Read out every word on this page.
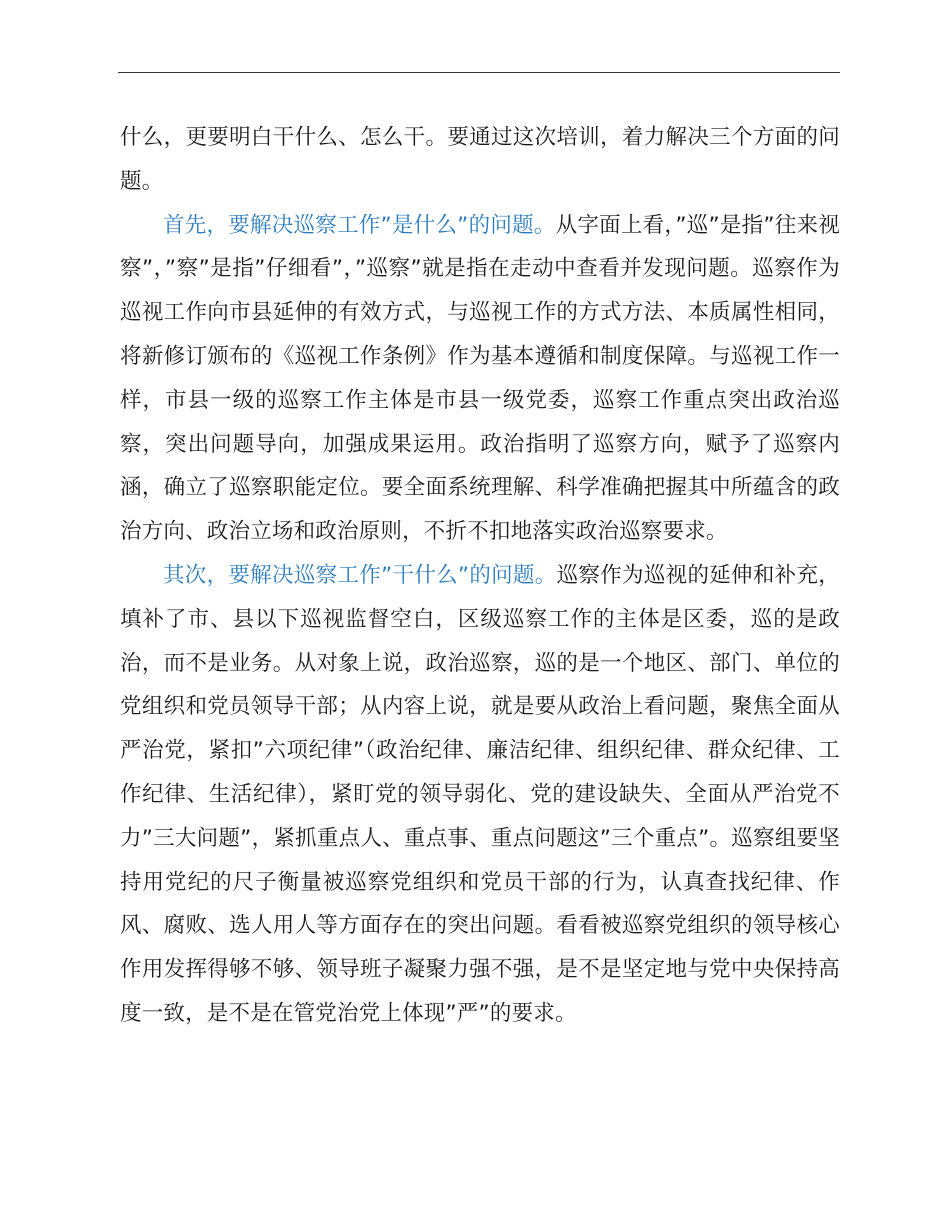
什么，更要明白干什么、怎么干。要通过这次培训，着力解决三个方面的问题。

首先，要解决巡察工作”是什么”的问题。从字面上看，”巡”是指”往来视察”，”察”是指”仔细看”，”巡察”就是指在走动中查看并发现问题。巡察作为巡视工作向市县延伸的有效方式，与巡视工作的方式方法、本质属性相同，将新修订颁布的《巡视工作条例》作为基本遵循和制度保障。与巡视工作一样，市县一级的巡察工作主体是市县一级党委，巡察工作重点突出政治巡察，突出问题导向，加强成果运用。政治指明了巡察方向，赋予了巡察内涵，确立了巡察职能定位。要全面系统理解、科学准确把握其中所蕴含的政治方向、政治立场和政治原则，不折不扣地落实政治巡察要求。

其次，要解决巡察工作”干什么”的问题。巡察作为巡视的延伸和补充，填补了市、县以下巡视监督空白，区级巡察工作的主体是区委，巡的是政治，而不是业务。从对象上说，政治巡察，巡的是一个地区、部门、单位的党组织和党员领导干部；从内容上说，就是要从政治上看问题，聚焦全面从严治党，紧扣”六项纪律”（政治纪律、廉洁纪律、组织纪律、群众纪律、工作纪律、生活纪律），紧盯党的领导弱化、党的建设缺失、全面从严治党不力”三大问题”，紧抓重点人、重点事、重点问题这”三个重点”。巡察组要坚持用党纪的尺子衡量被巡察党组织和党员干部的行为，认真查找纪律、作风、腐败、选人用人等方面存在的突出问题。看看被巡察党组织的领导核心作用发挥得够不够、领导班子凝聚力强不强，是不是坚定地与党中央保持高度一致，是不是在管党治党上体现”严”的要求。
